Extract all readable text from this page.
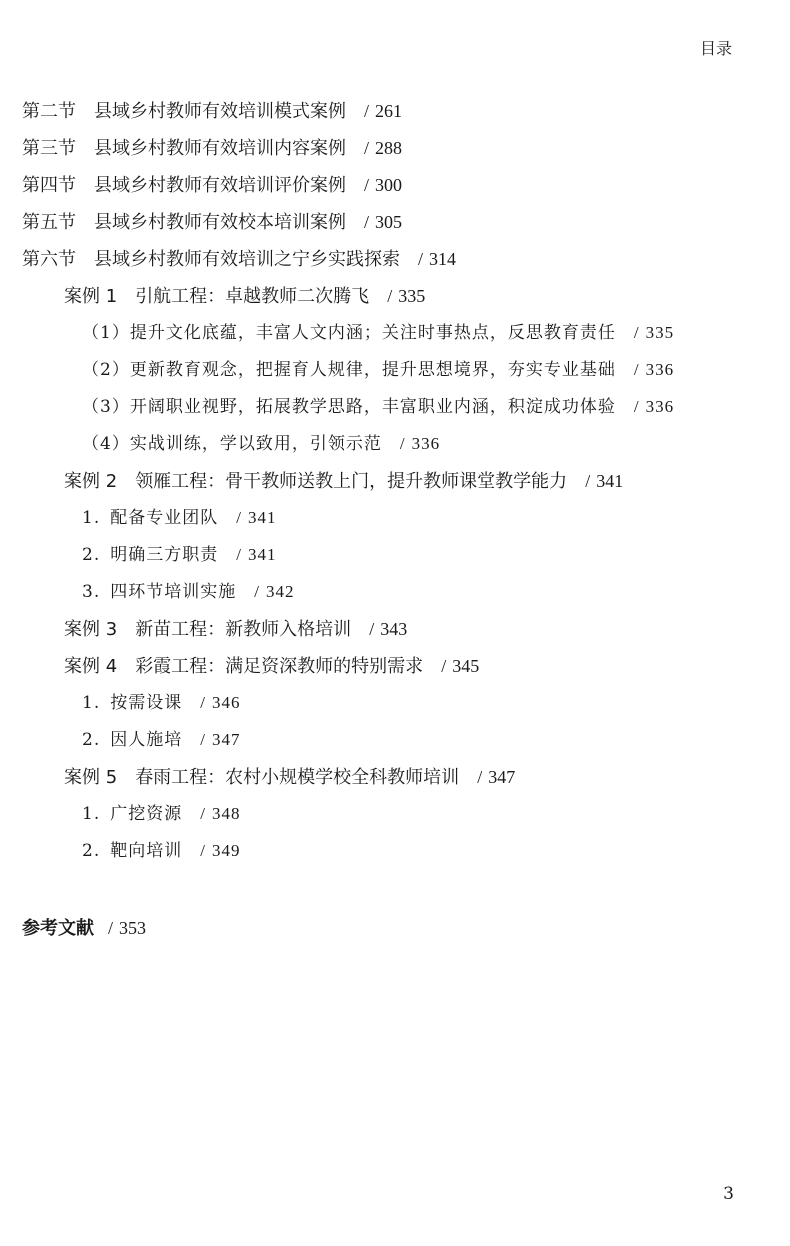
目录
第二节 县域乡村教师有效培训模式案例 / 261
第三节 县域乡村教师有效培训内容案例 / 288
第四节 县域乡村教师有效培训评价案例 / 300
第五节 县域乡村教师有效校本培训案例 / 305
第六节 县域乡村教师有效培训之宁乡实践探索 / 314
案例 1 引航工程：卓越教师二次腾飞 / 335
（1）提升文化底蕴，丰富人文内涵；关注时事热点，反思教育责任 / 335
（2）更新教育观念，把握育人规律，提升思想境界，夯实专业基础 / 336
（3）开阔职业视野，拓展教学思路，丰富职业内涵，积淀成功体验 / 336
（4）实战训练，学以致用，引领示范 / 336
案例 2 领雁工程：骨干教师送教上门，提升教师课堂教学能力 / 341
1. 配备专业团队 / 341
2. 明确三方职责 / 341
3. 四环节培训实施 / 342
案例 3 新苗工程：新教师入格培训 / 343
案例 4 彩霞工程：满足资深教师的特别需求 / 345
1. 按需设课 / 346
2. 因人施培 / 347
案例 5 春雨工程：农村小规模学校全科教师培训 / 347
1. 广挖资源 / 348
2. 靶向培训 / 349
参考文献 / 353
3
